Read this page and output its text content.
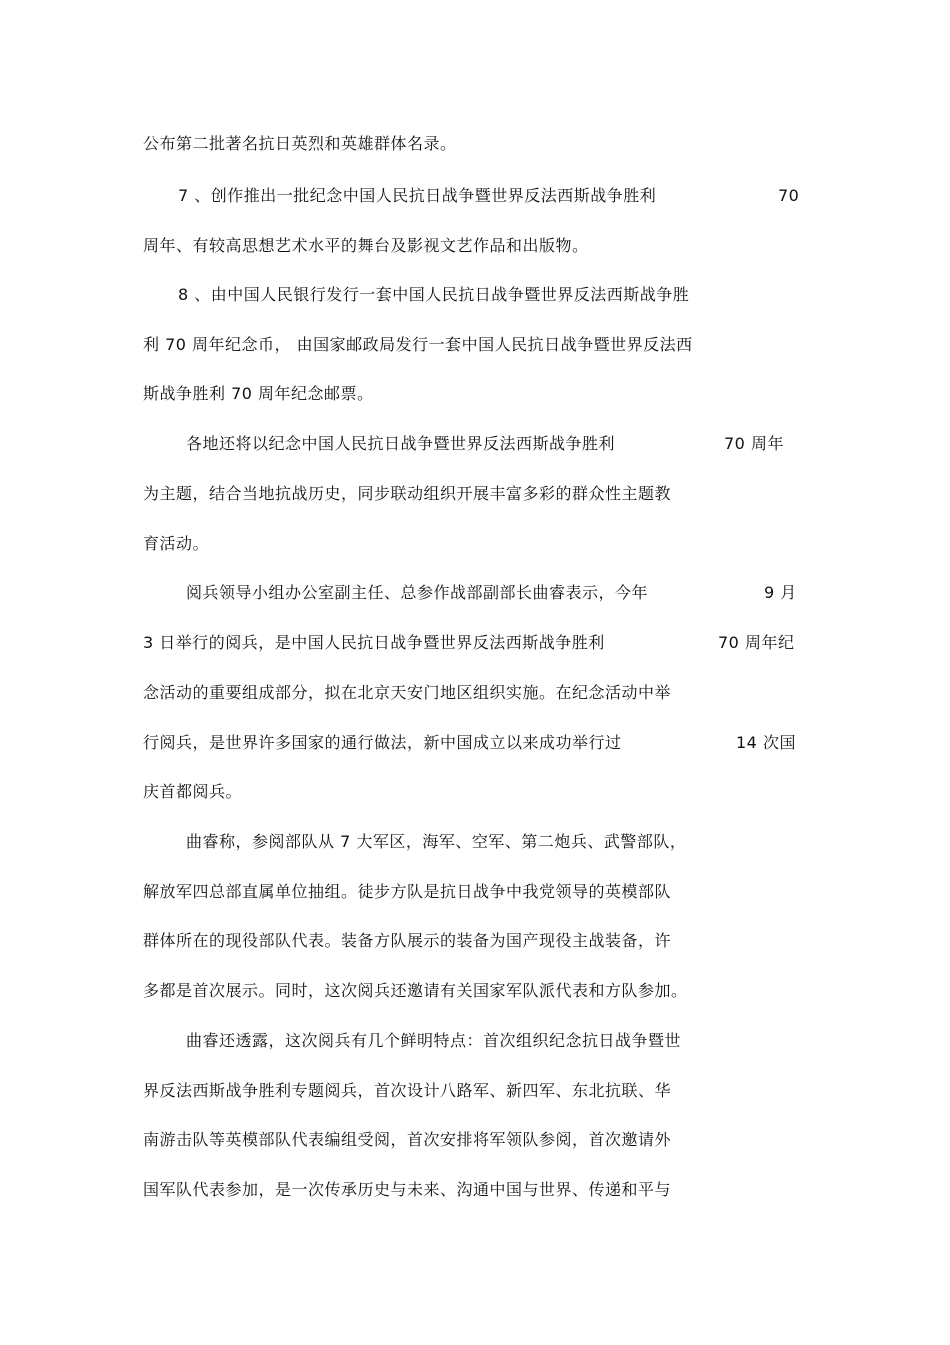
公布第二批著名抗日英烈和英雄群体名录。
7 、创作推出一批纪念中国人民抗日战争暨世界反法西斯战争胜利	70
周年、有较高思想艺术水平的舞台及影视文艺作品和出版物。
8 、由中国人民银行发行一套中国人民抗日战争暨世界反法西斯战争胜
利 70 周年纪念币， 由国家邮政局发行一套中国人民抗日战争暨世界反法西
斯战争胜利 70 周年纪念邮票。
各地还将以纪念中国人民抗日战争暨世界反法西斯战争胜利	70 周年
为主题，结合当地抗战历史，同步联动组织开展丰富多彩的群众性主题教
育活动。
阅兵领导小组办公室副主任、总参作战部副部长曲睿表示，今年	9 月
3 日举行的阅兵，是中国人民抗日战争暨世界反法西斯战争胜利	70 周年纪
念活动的重要组成部分，拟在北京天安门地区组织实施。在纪念活动中举
行阅兵，是世界许多国家的通行做法，新中国成立以来成功举行过	14 次国
庆首都阅兵。
曲睿称，参阅部队从 7 大军区，海军、空军、第二炮兵、武警部队，
解放军四总部直属单位抽组。徒步方队是抗日战争中我党领导的英模部队
群体所在的现役部队代表。装备方队展示的装备为国产现役主战装备，许
多都是首次展示。同时，这次阅兵还邀请有关国家军队派代表和方队参加。
曲睿还透露，这次阅兵有几个鲜明特点：首次组织纪念抗日战争暨世
界反法西斯战争胜利专题阅兵，首次设计八路军、新四军、东北抗联、华
南游击队等英模部队代表编组受阅，首次安排将军领队参阅，首次邀请外
国军队代表参加，是一次传承历史与未来、沟通中国与世界、传递和平与
